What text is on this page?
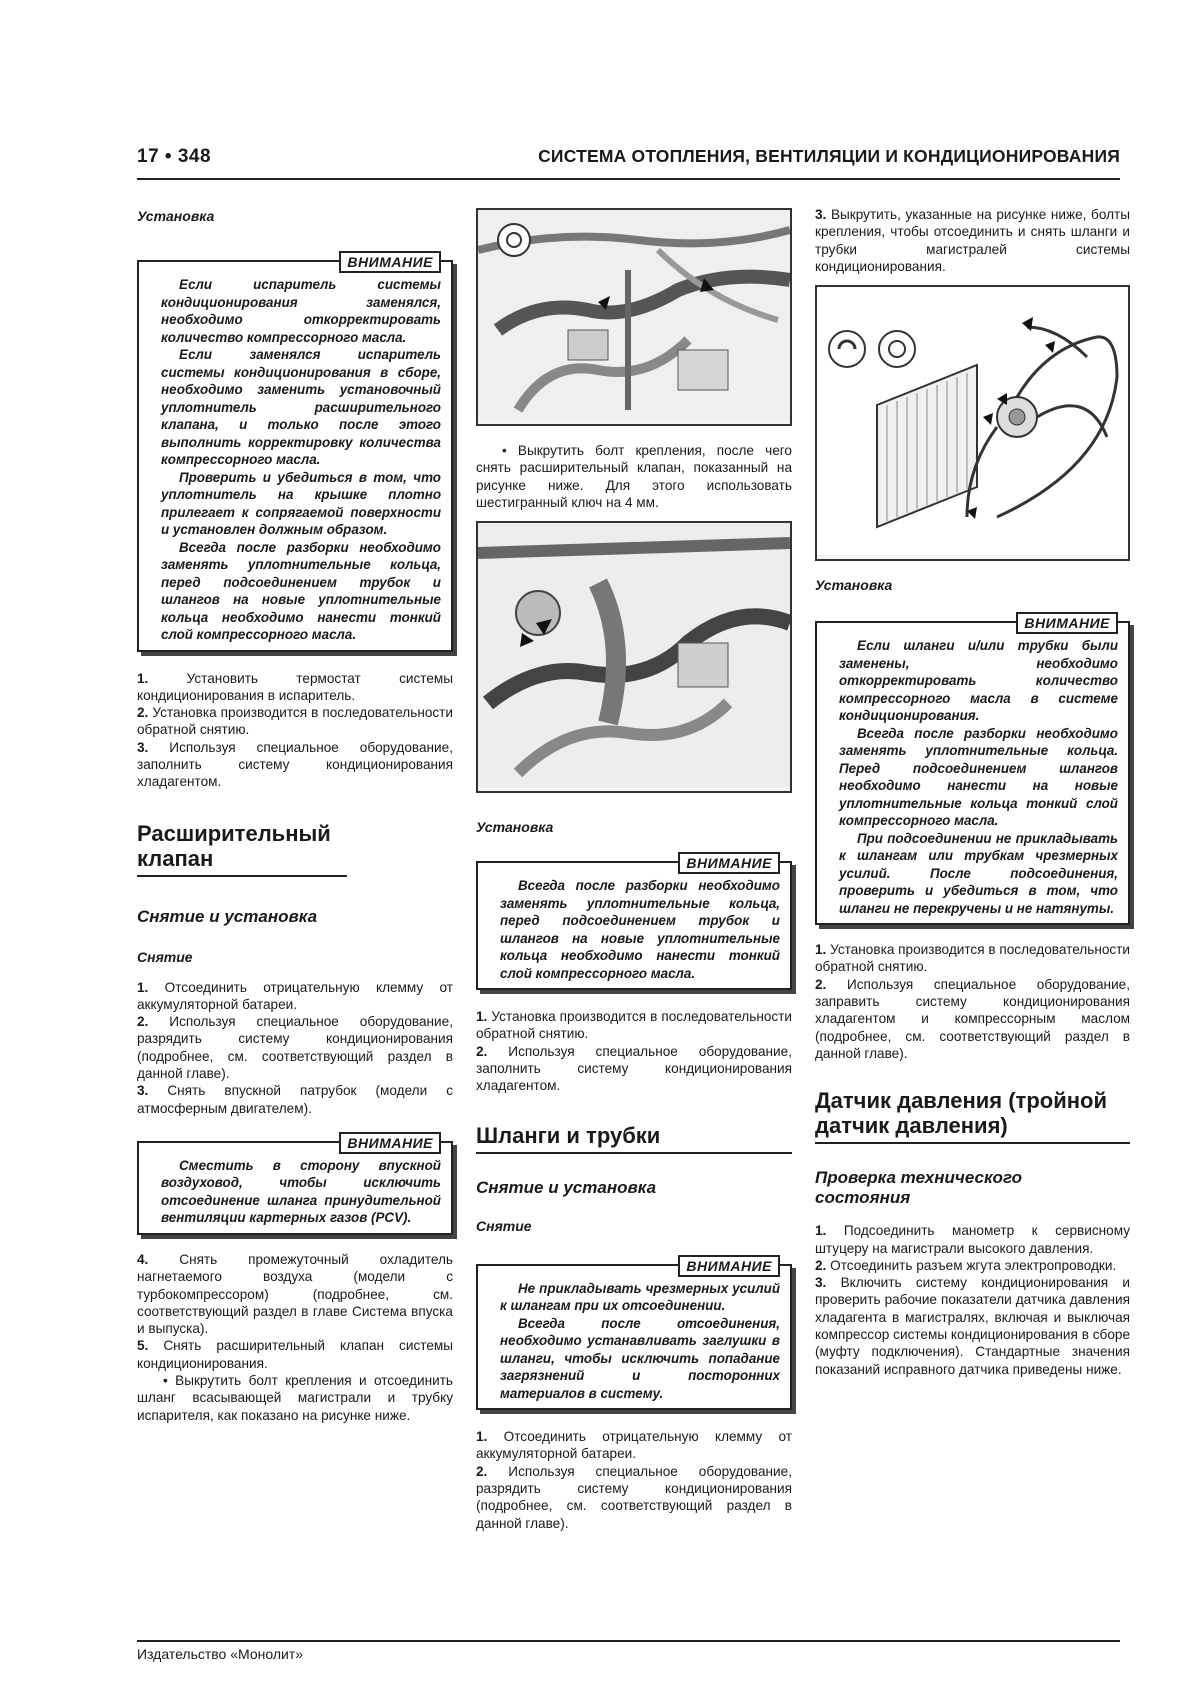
17 • 348	СИСТЕМА ОТОПЛЕНИЯ, ВЕНТИЛЯЦИИ И КОНДИЦИОНИРОВАНИЯ

Установка

ВНИМАНИЕ

Если испаритель системы кондиционирования заменялся, необходимо откорректировать количество компрессорного масла.

Если заменялся испаритель системы кондиционирования в сборе, необходимо заменить установочный уплотнитель расширительного клапана, и только после этого выполнить корректировку количества компрессорного масла.

Проверить и убедиться в том, что уплотнитель на крышке плотно прилегает к сопрягаемой поверхности и установлен должным образом.

Всегда после разборки необходимо заменять уплотнительные кольца, перед подсоединением трубок и шлангов на новые уплотнительные кольца необходимо нанести тонкий слой компрессорного масла.

1.	Установить термостат системы кондиционирования в испаритель.

2. Установка производится в последовательности обратной снятию.

3. Используя специальное оборудование, заполнить систему кондиционирования хладагентом.

Расширительный клапан
Снятие и установка

Снятие

1. Отсоединить отрицательную клемму от аккумуляторной батареи.

2. Используя специальное оборудование, разрядить систему кондиционирования (подробнее, см. соответствующий раздел в данной главе).

3. Снять впускной патрубок (модели с атмосферным двигателем).

ВНИМАНИЕ

Сместить в сторону впускной воздуховод, чтобы исключить отсоединение шланга принудительной вентиляции картерных газов (PCV).

4. Снять промежуточный охладитель нагнетаемого воздуха (модели с турбокомпрессором) (подробнее, см. соответствующий раздел в главе Система впуска и выпуска).

5. Снять расширительный клапан системы кондиционирования.

• Выкрутить болт крепления и отсоединить шланг всасывающей магистрали и трубку испарителя, как показано на рисунке ниже.

• Выкрутить болт крепления, после чего снять расширительный клапан, показанный на рисунке ниже. Для этого использовать шестигранный ключ на 4 мм.

Установка

ВНИМАНИЕ

Всегда после разборки необходимо заменять уплотнительные кольца, перед подсоединением трубок и шлангов на новые уплотнительные кольца необходимо нанести тонкий слой компрессорного масла.

1. Установка производится в последовательности обратной снятию.

2. Используя специальное оборудование, заполнить систему кондиционирования хладагентом.

Шланги и трубки
Снятие и установка

Снятие

ВНИМАНИЕ

Не прикладывать чрезмерных усилий к шлангам при их отсоединении.

Всегда после отсоединения, необходимо устанавливать заглушки в шланги, чтобы исключить попадание загрязнений и посторонних материалов в систему.

1. Отсоединить отрицательную клемму от аккумуляторной батареи.

2. Используя специальное оборудование, разрядить систему кондиционирования (подробнее, см. соответствующий раздел в данной главе).

3. Выкрутить, указанные на рисунке ниже, болты крепления, чтобы отсоединить и снять шланги и трубки магистралей системы кондиционирования.

Установка

ВНИМАНИЕ

Если шланги и/или трубки были заменены, необходимо откорректировать количество компрессорного масла в системе кондиционирования.

Всегда после разборки необходимо заменять уплотнительные кольца. Перед подсоединением шлангов необходимо нанести на новые уплотнительные кольца тонкий слой компрессорного масла.

При подсоединении не прикладывать к шлангам или трубкам чрезмерных усилий. После подсоединения, проверить и убедиться в том, что шланги не перекручены и не натянуты.

1. Установка производится в последовательности обратной снятию.

2. Используя специальное оборудование, заправить систему кондиционирования хладагентом и компрессорным маслом (подробнее, см. соответствующий раздел в данной главе).

Датчик давления (тройной датчик давления)
Проверка технического состояния

1. Подсоединить манометр к сервисному штуцеру на магистрали высокого давления.

2. Отсоединить разъем жгута электропроводки.

3. Включить систему кондиционирования и проверить рабочие показатели датчика давления хладагента в магистралях, включая и выключая компрессор системы кондиционирования в сборе (муфту подключения). Стандартные значения показаний исправного датчика приведены ниже.

Издательство «Монолит»
